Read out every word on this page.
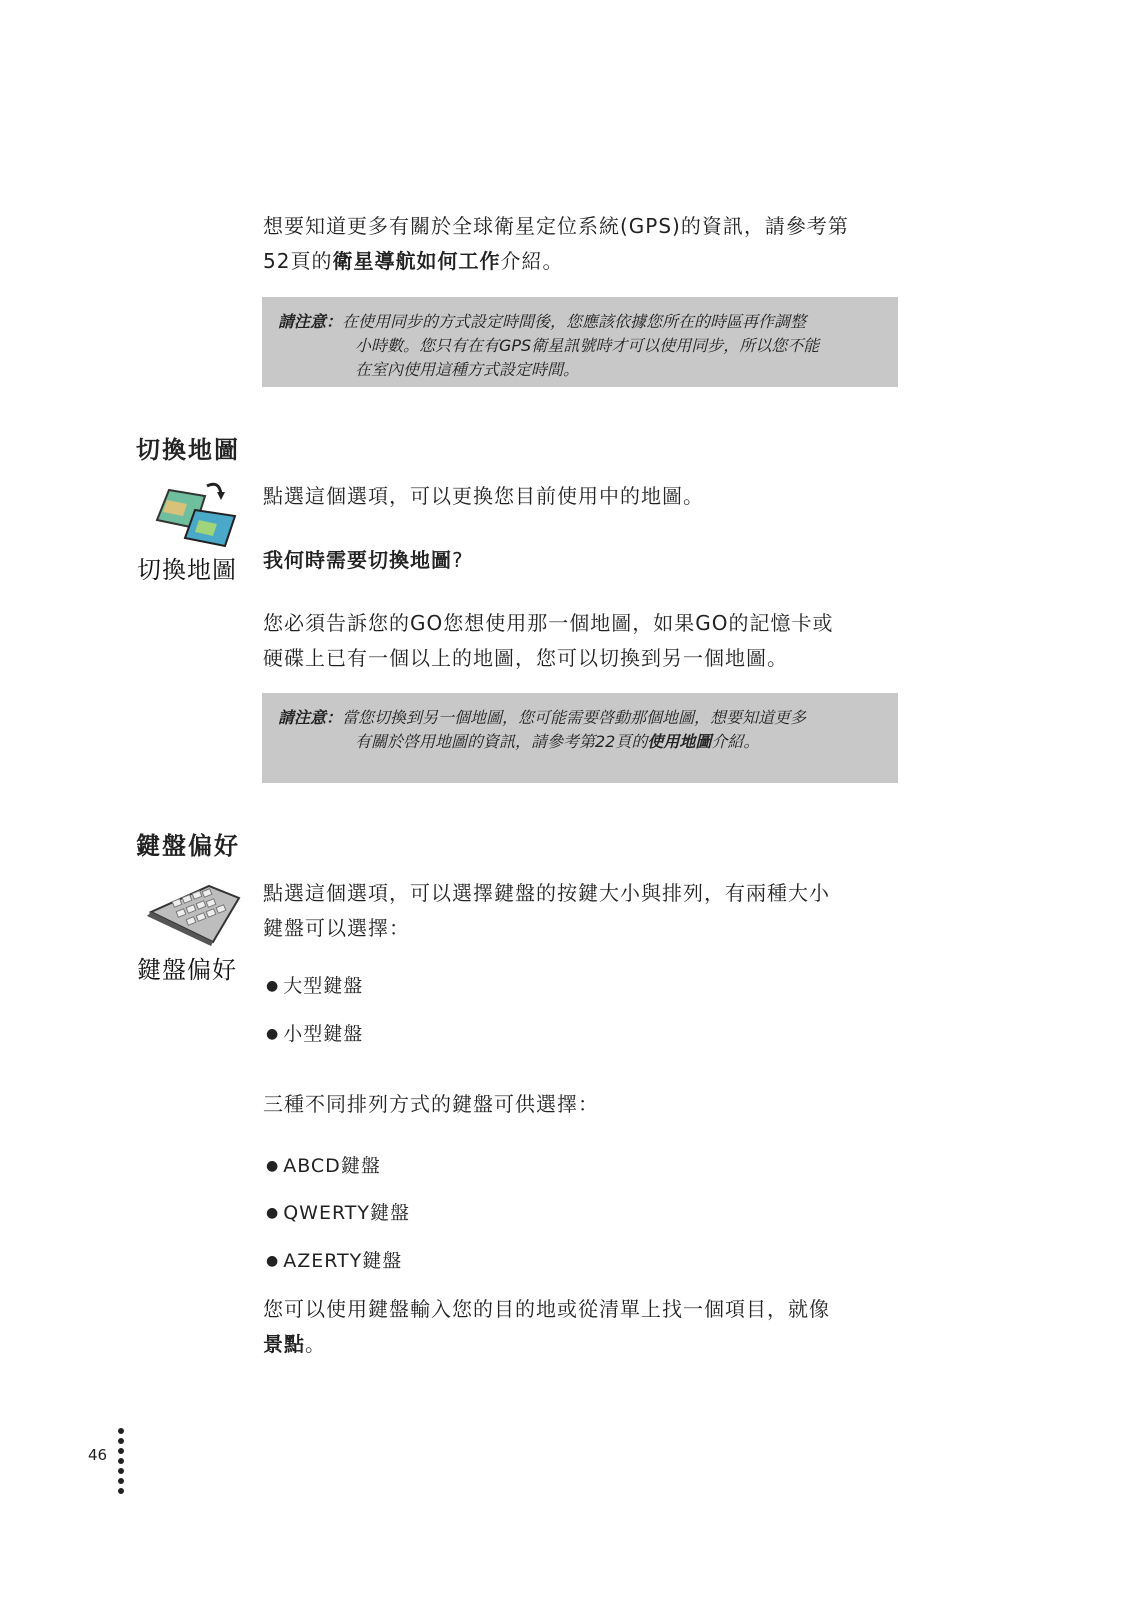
想要知道更多有關於全球衛星定位系統(GPS)的資訊，請參考第
52頁的衛星導航如何工作介紹。
請注意：在使用同步的方式設定時間後，您應該依據您所在的時區再作調整
小時數。您只有在有GPS衛星訊號時才可以使用同步，所以您不能
在室內使用這種方式設定時間。
切換地圖
切換地圖
點選這個選項，可以更換您目前使用中的地圖。
我何時需要切換地圖?
您必須告訴您的GO您想使用那一個地圖，如果GO的記憶卡或
硬碟上已有一個以上的地圖，您可以切換到另一個地圖。
請注意：當您切換到另一個地圖，您可能需要啓動那個地圖，想要知道更多
有關於啓用地圖的資訊，請參考第22頁的使用地圖介紹。
鍵盤偏好
鍵盤偏好
點選這個選項，可以選擇鍵盤的按鍵大小與排列，有兩種大小
鍵盤可以選擇：
● 大型鍵盤
● 小型鍵盤
三種不同排列方式的鍵盤可供選擇：
● ABCD鍵盤
● QWERTY鍵盤
● AZERTY鍵盤
您可以使用鍵盤輸入您的目的地或從清單上找一個項目，就像
景點。
46
